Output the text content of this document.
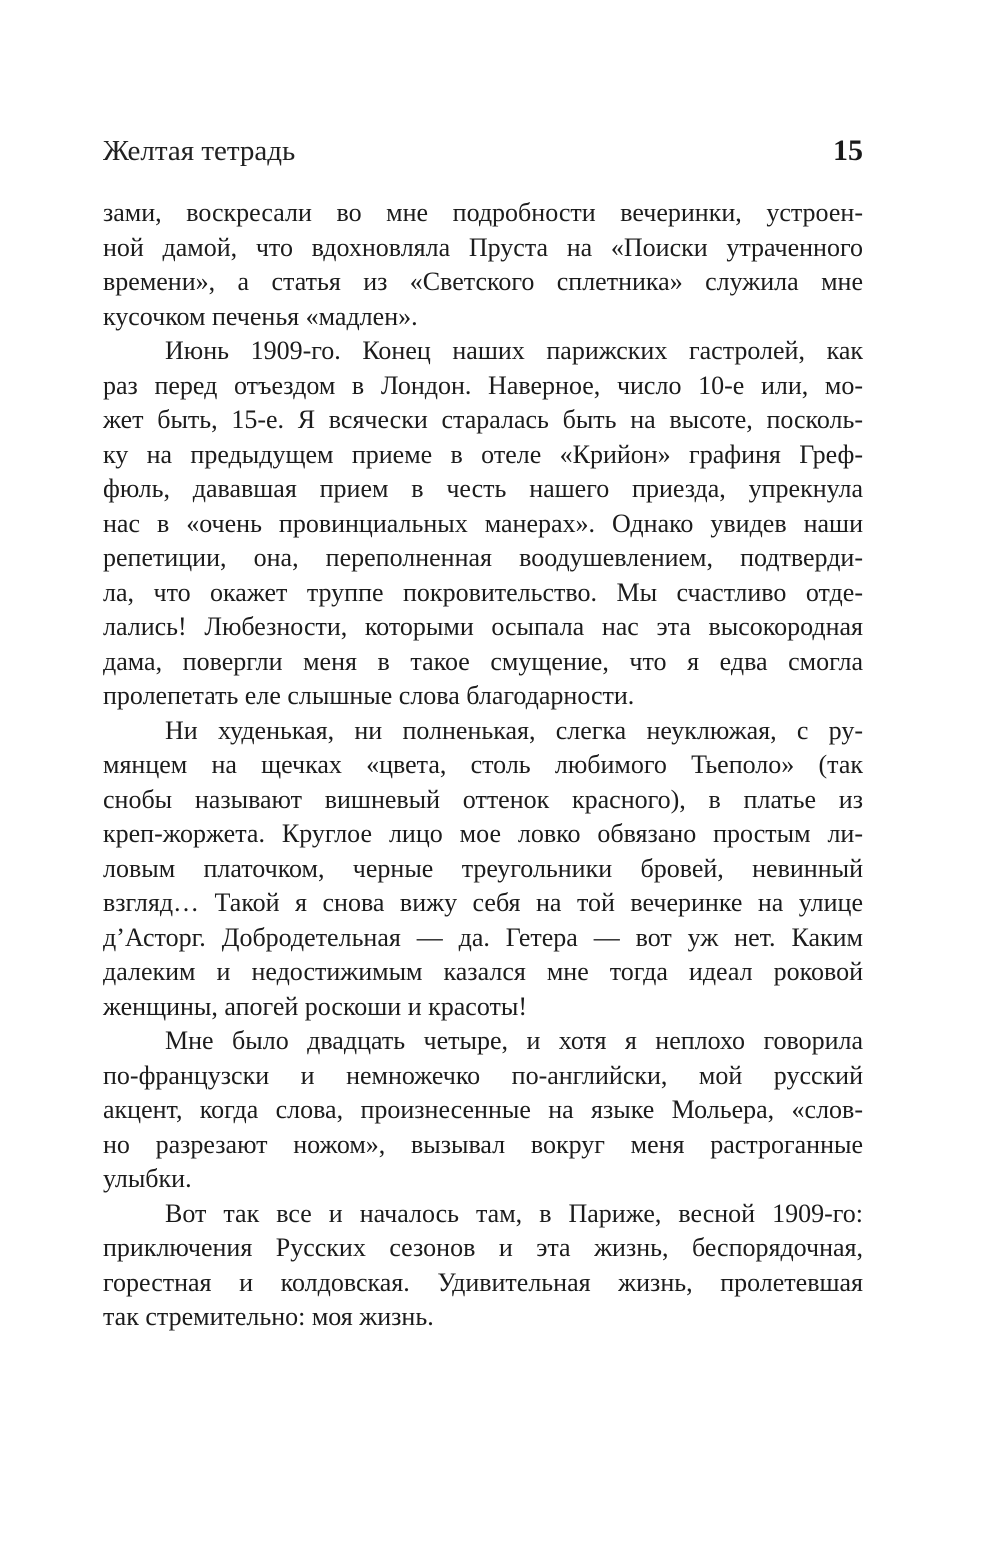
Желтая тетрадь	15
зами, воскресали во мне подробности вечеринки, устроен-
ной дамой, что вдохновляла Пруста на «Поиски утраченного
времени», а статья из «Светского сплетника» служила мне
кусочком печенья «мадлен».
Июнь 1909-го. Конец наших парижских гастролей, как
раз перед отъездом в Лондон. Наверное, число 10-е или, мо-
жет быть, 15-е. Я всячески старалась быть на высоте, посколь-
ку на предыдущем приеме в отеле «Крийон» графиня Греф-
фюль, дававшая прием в честь нашего приезда, упрекнула
нас в «очень провинциальных манерах». Однако увидев наши
репетиции, она, переполненная воодушевлением, подтверди-
ла, что окажет труппе покровительство. Мы счастливо отде-
лались! Любезности, которыми осыпала нас эта высокородная
дама, повергли меня в такое смущение, что я едва смогла
пролепетать еле слышные слова благодарности.
Ни худенькая, ни полненькая, слегка неуклюжая, с ру-
мянцем на щечках «цвета, столь любимого Тьеполо» (так
снобы называют вишневый оттенок красного), в платье из
креп-жоржета. Круглое лицо мое ловко обвязано простым ли-
ловым платочком, черные треугольники бровей, невинный
взгляд… Такой я снова вижу себя на той вечеринке на улице
д’Асторг. Добродетельная — да. Гетера — вот уж нет. Каким
далеким и недостижимым казался мне тогда идеал роковой
женщины, апогей роскоши и красоты!
Мне было двадцать четыре, и хотя я неплохо говорила
по-французски и немножечко по-английски, мой русский
акцент, когда слова, произнесенные на языке Мольера, «слов-
но разрезают ножом», вызывал вокруг меня растроганные
улыбки.
Вот так все и началось там, в Париже, весной 1909-го:
приключения Русских сезонов и эта жизнь, беспорядочная,
горестная и колдовская. Удивительная жизнь, пролетевшая
так стремительно: моя жизнь.
